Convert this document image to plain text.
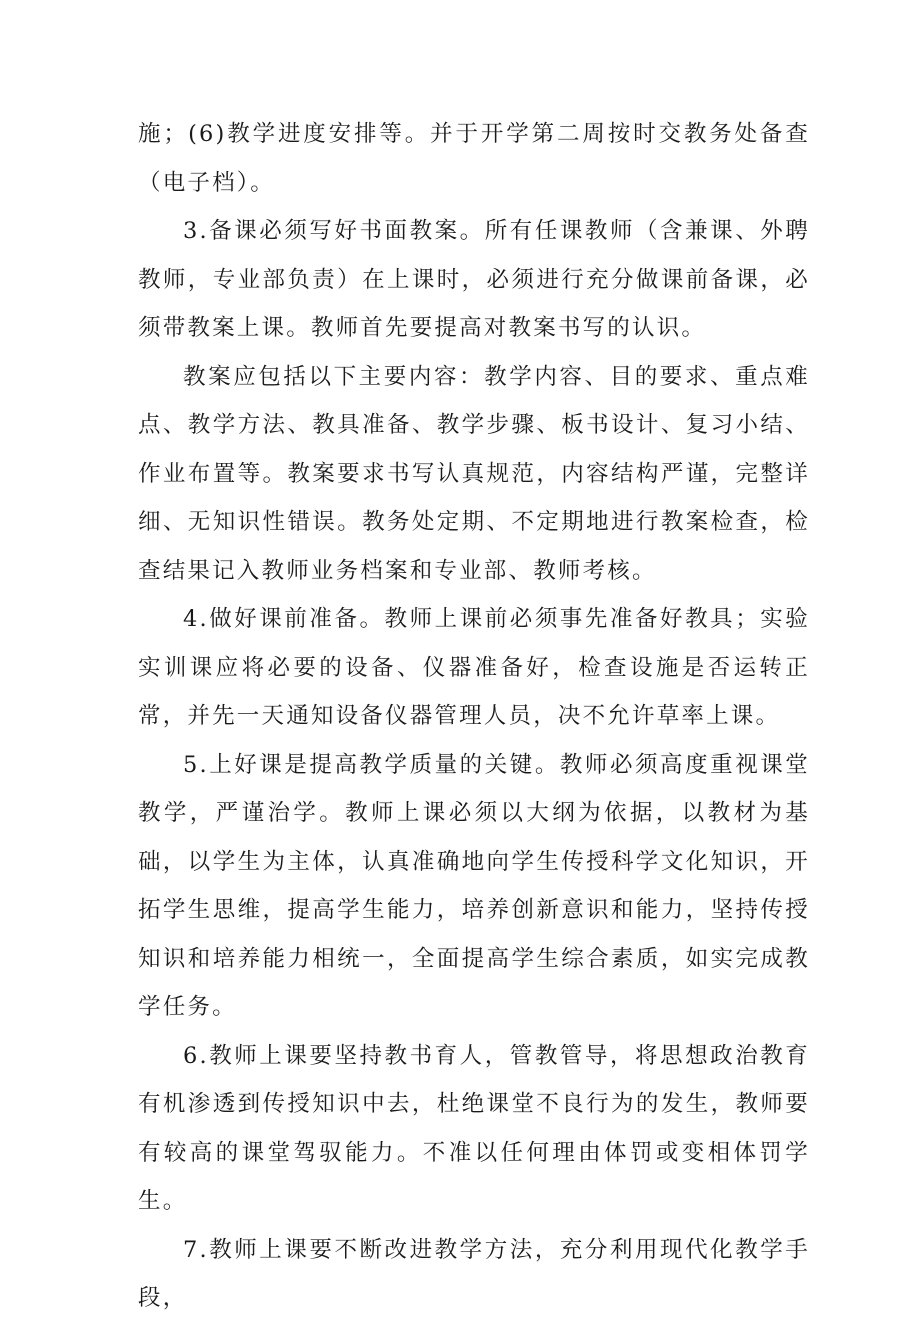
施；(6)教学进度安排等。并于开学第二周按时交教务处备查（电子档）。

3.备课必须写好书面教案。所有任课教师（含兼课、外聘教师，专业部负责）在上课时，必须进行充分做课前备课，必须带教案上课。教师首先要提高对教案书写的认识。

教案应包括以下主要内容：教学内容、目的要求、重点难点、教学方法、教具准备、教学步骤、板书设计、复习小结、作业布置等。教案要求书写认真规范，内容结构严谨，完整详细、无知识性错误。教务处定期、不定期地进行教案检查，检查结果记入教师业务档案和专业部、教师考核。

4.做好课前准备。教师上课前必须事先准备好教具；实验实训课应将必要的设备、仪器准备好，检查设施是否运转正常，并先一天通知设备仪器管理人员，决不允许草率上课。

5.上好课是提高教学质量的关键。教师必须高度重视课堂教学，严谨治学。教师上课必须以大纲为依据，以教材为基础，以学生为主体，认真准确地向学生传授科学文化知识，开拓学生思维，提高学生能力，培养创新意识和能力，坚持传授知识和培养能力相统一，全面提高学生综合素质，如实完成教学任务。

6.教师上课要坚持教书育人，管教管导，将思想政治教育有机渗透到传授知识中去，杜绝课堂不良行为的发生，教师要有较高的课堂驾驭能力。不准以任何理由体罚或变相体罚学生。

7.教师上课要不断改进教学方法，充分利用现代化教学手段，
